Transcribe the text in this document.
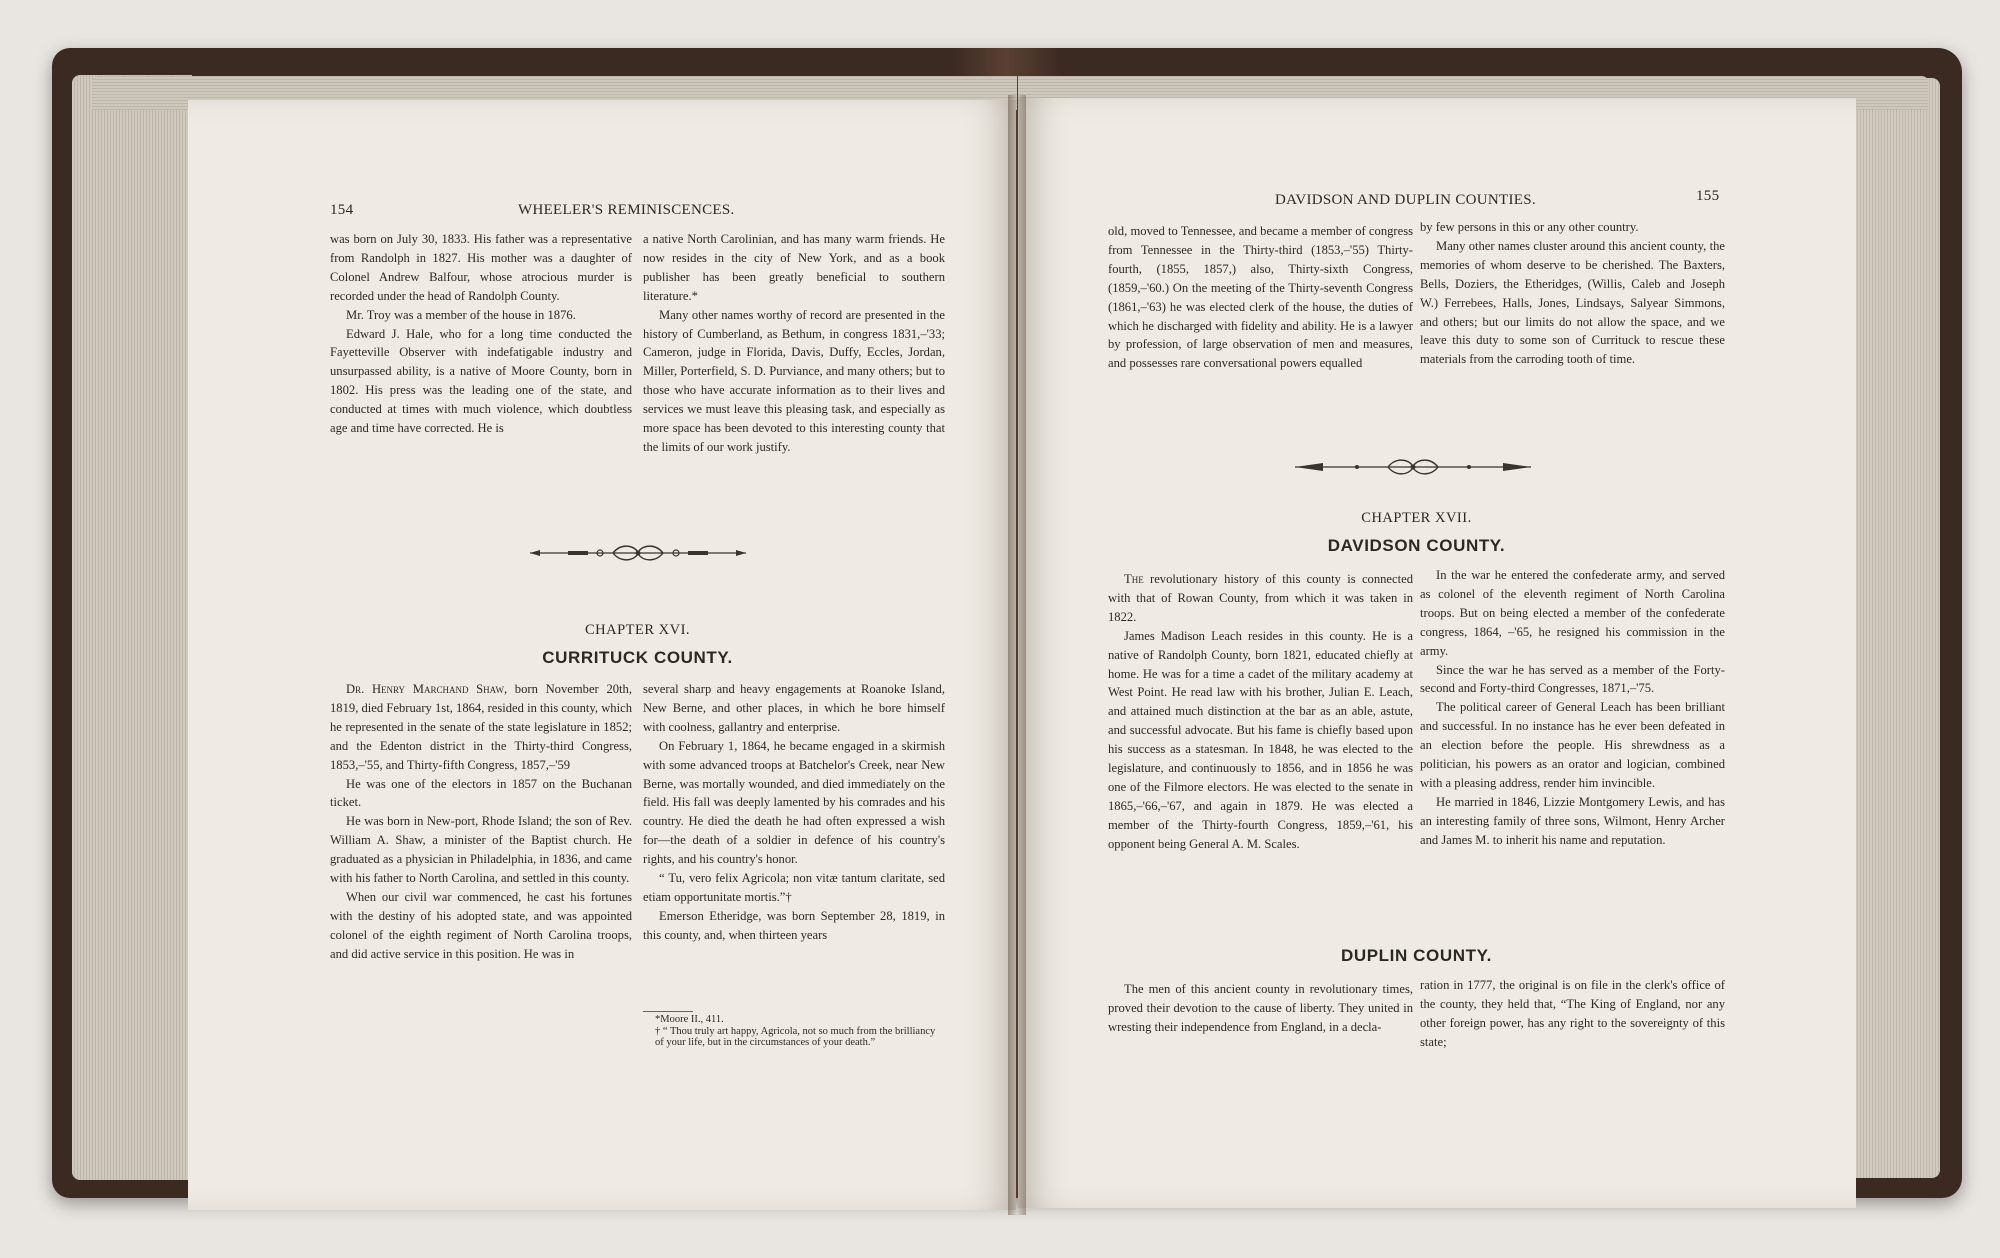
154	WHEELER'S REMINISCENCES.

was born on July 30, 1833. His father was a representative from Randolph in 1827. His mother was a daughter of Colonel Andrew Balfour, whose atrocious murder is recorded under the head of Randolph County.

Mr. Troy was a member of the house in 1876.

Edward J. Hale, who for a long time conducted the Fayetteville Observer with indefatigable industry and unsurpassed ability, is a native of Moore County, born in 1802. His press was the leading one of the state, and conducted at times with much violence, which doubtless age and time have corrected. He is

a native North Carolinian, and has many warm friends. He now resides in the city of New York, and as a book publisher has been greatly beneficial to southern literature.*

Many other names worthy of record are presented in the history of Cumberland, as Bethum, in congress 1831,–'33; Cameron, judge in Florida, Davis, Duffy, Eccles, Jordan, Miller, Porterfield, S. D. Purviance, and many others; but to those who have accurate information as to their lives and services we must leave this pleasing task, and especially as more space has been devoted to this interesting county that the limits of our work justify.

CHAPTER XVI.
CURRITUCK COUNTY.

Dr. Henry Marchand Shaw, born November 20th, 1819, died February 1st, 1864, resided in this county, which he represented in the senate of the state legislature in 1852; and the Edenton district in the Thirty-third Congress, 1853,–'55, and Thirty-fifth Congress, 1857,–'59

He was one of the electors in 1857 on the Buchanan ticket.

He was born in New-port, Rhode Island; the son of Rev. William A. Shaw, a minister of the Baptist church. He graduated as a physician in Philadelphia, in 1836, and came with his father to North Carolina, and settled in this county.

When our civil war commenced, he cast his fortunes with the destiny of his adopted state, and was appointed colonel of the eighth regiment of North Carolina troops, and did active service in this position. He was in

several sharp and heavy engagements at Roanoke Island, New Berne, and other places, in which he bore himself with coolness, gallantry and enterprise.

On February 1, 1864, he became engaged in a skirmish with some advanced troops at Batchelor's Creek, near New Berne, was mortally wounded, and died immediately on the field. His fall was deeply lamented by his comrades and his country. He died the death he had often expressed a wish for—the death of a soldier in defence of his country's rights, and his country's honor.

“ Tu, vero felix Agricola; non vitæ tantum claritate, sed etiam opportunitate mortis.”†

Emerson Etheridge, was born September 28, 1819, in this county, and, when thirteen years

*Moore II., 411.

† “ Thou truly art happy, Agricola, not so much from the brilliancy of your life, but in the circumstances of your death.”

DAVIDSON AND DUPLIN COUNTIES.	155

old, moved to Tennessee, and became a member of congress from Tennessee in the Thirty-third (1853,–'55) Thirty-fourth, (1855, 1857,) also, Thirty-sixth Congress, (1859,–'60.) On the meeting of the Thirty-seventh Congress (1861,–'63) he was elected clerk of the house, the duties of which he discharged with fidelity and ability. He is a lawyer by profession, of large observation of men and measures, and possesses rare conversational powers equalled

by few persons in this or any other country.

Many other names cluster around this ancient county, the memories of whom deserve to be cherished. The Baxters, Bells, Doziers, the Etheridges, (Willis, Caleb and Joseph W.) Ferrebees, Halls, Jones, Lindsays, Salyear Simmons, and others; but our limits do not allow the space, and we leave this duty to some son of Currituck to rescue these materials from the carroding tooth of time.

CHAPTER XVII.
DAVIDSON COUNTY.

The revolutionary history of this county is connected with that of Rowan County, from which it was taken in 1822.

James Madison Leach resides in this county. He is a native of Randolph County, born 1821, educated chiefly at home. He was for a time a cadet of the military academy at West Point. He read law with his brother, Julian E. Leach, and attained much distinction at the bar as an able, astute, and successful advocate. But his fame is chiefly based upon his success as a statesman. In 1848, he was elected to the legislature, and continuously to 1856, and in 1856 he was one of the Filmore electors. He was elected to the senate in 1865,–'66,–'67, and again in 1879. He was elected a member of the Thirty-fourth Congress, 1859,–'61, his opponent being General A. M. Scales.

In the war he entered the confederate army, and served as colonel of the eleventh regiment of North Carolina troops. But on being elected a member of the confederate congress, 1864, –'65, he resigned his commission in the army.

Since the war he has served as a member of the Forty-second and Forty-third Congresses, 1871,–'75.

The political career of General Leach has been brilliant and successful. In no instance has he ever been defeated in an election before the people. His shrewdness as a politician, his powers as an orator and logician, combined with a pleasing address, render him invincible.

He married in 1846, Lizzie Montgomery Lewis, and has an interesting family of three sons, Wilmont, Henry Archer and James M. to inherit his name and reputation.

DUPLIN COUNTY.

The men of this ancient county in revolutionary times, proved their devotion to the cause of liberty. They united in wresting their independence from England, in a decla-

ration in 1777, the original is on file in the clerk's office of the county, they held that, “The King of England, nor any other foreign power, has any right to the sovereignty of this state;
